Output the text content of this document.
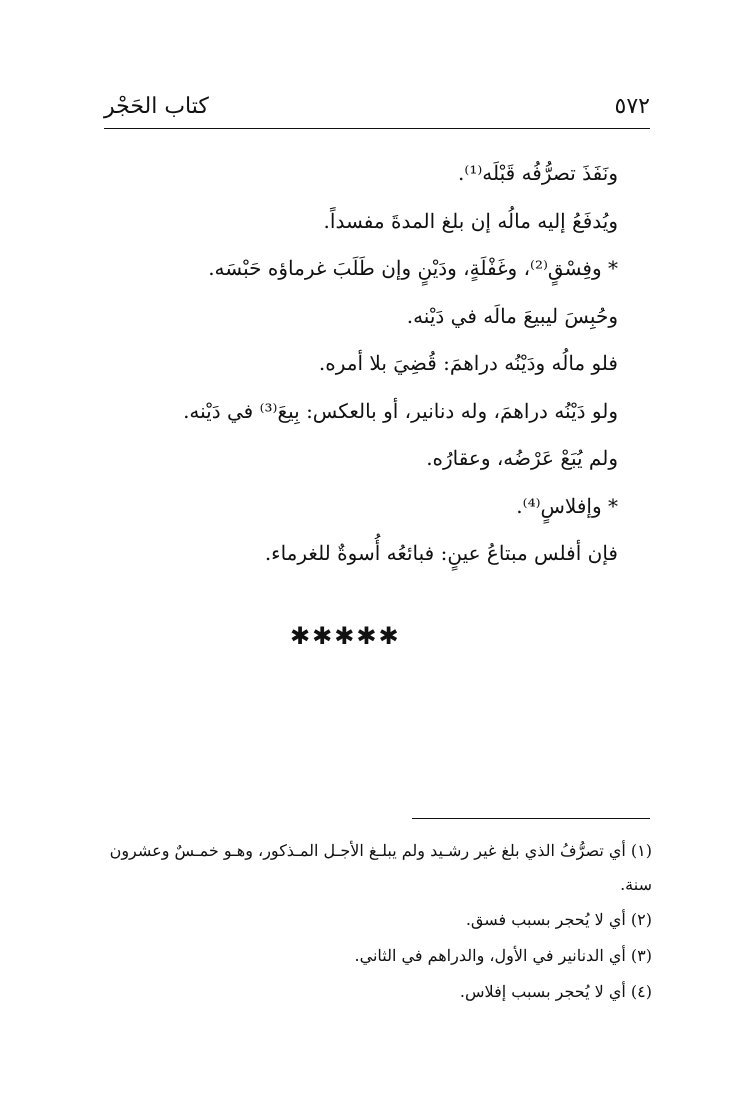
٥٧٢
كتاب الحَجْر
ونَفَذَ تصرُّفُه قَبْلَه⁽¹⁾.
ويُدفَعُ إليه مالُه إن بلغ المدةَ مفسداً.
* وفِسْقٍ⁽²⁾، وغَفْلَةٍ، ودَيْنٍ وإن طَلَبَ غرماؤه حَبْسَه.
وحُبِسَ ليبيعَ مالَه في دَيْنه.
فلو مالُه ودَيْنُه دراهمَ: قُضِيَ بلا أمره.
ولو دَيْنُه دراهمَ، وله دنانير، أو بالعكس: بِيعَ⁽³⁾ في دَيْنه.
ولم يُبَعْ عَرْضُه، وعقارُه.
* وإفلاسٍ⁽⁴⁾.
فإن أفلس مبتاعُ عينٍ: فبائعُه أُسوةٌ للغرماء.
✱✱✱✱✱
(١) أي تصرُّفُ الذي بلغ غير رشـيد ولم يبلـغ الأجـل المـذكور، وهـو خمـسٌ وعشرون سنة.
(٢) أي لا يُحجر بسبب فسق.
(٣) أي الدنانير في الأول، والدراهم في الثاني.
(٤) أي لا يُحجر بسبب إفلاس.
